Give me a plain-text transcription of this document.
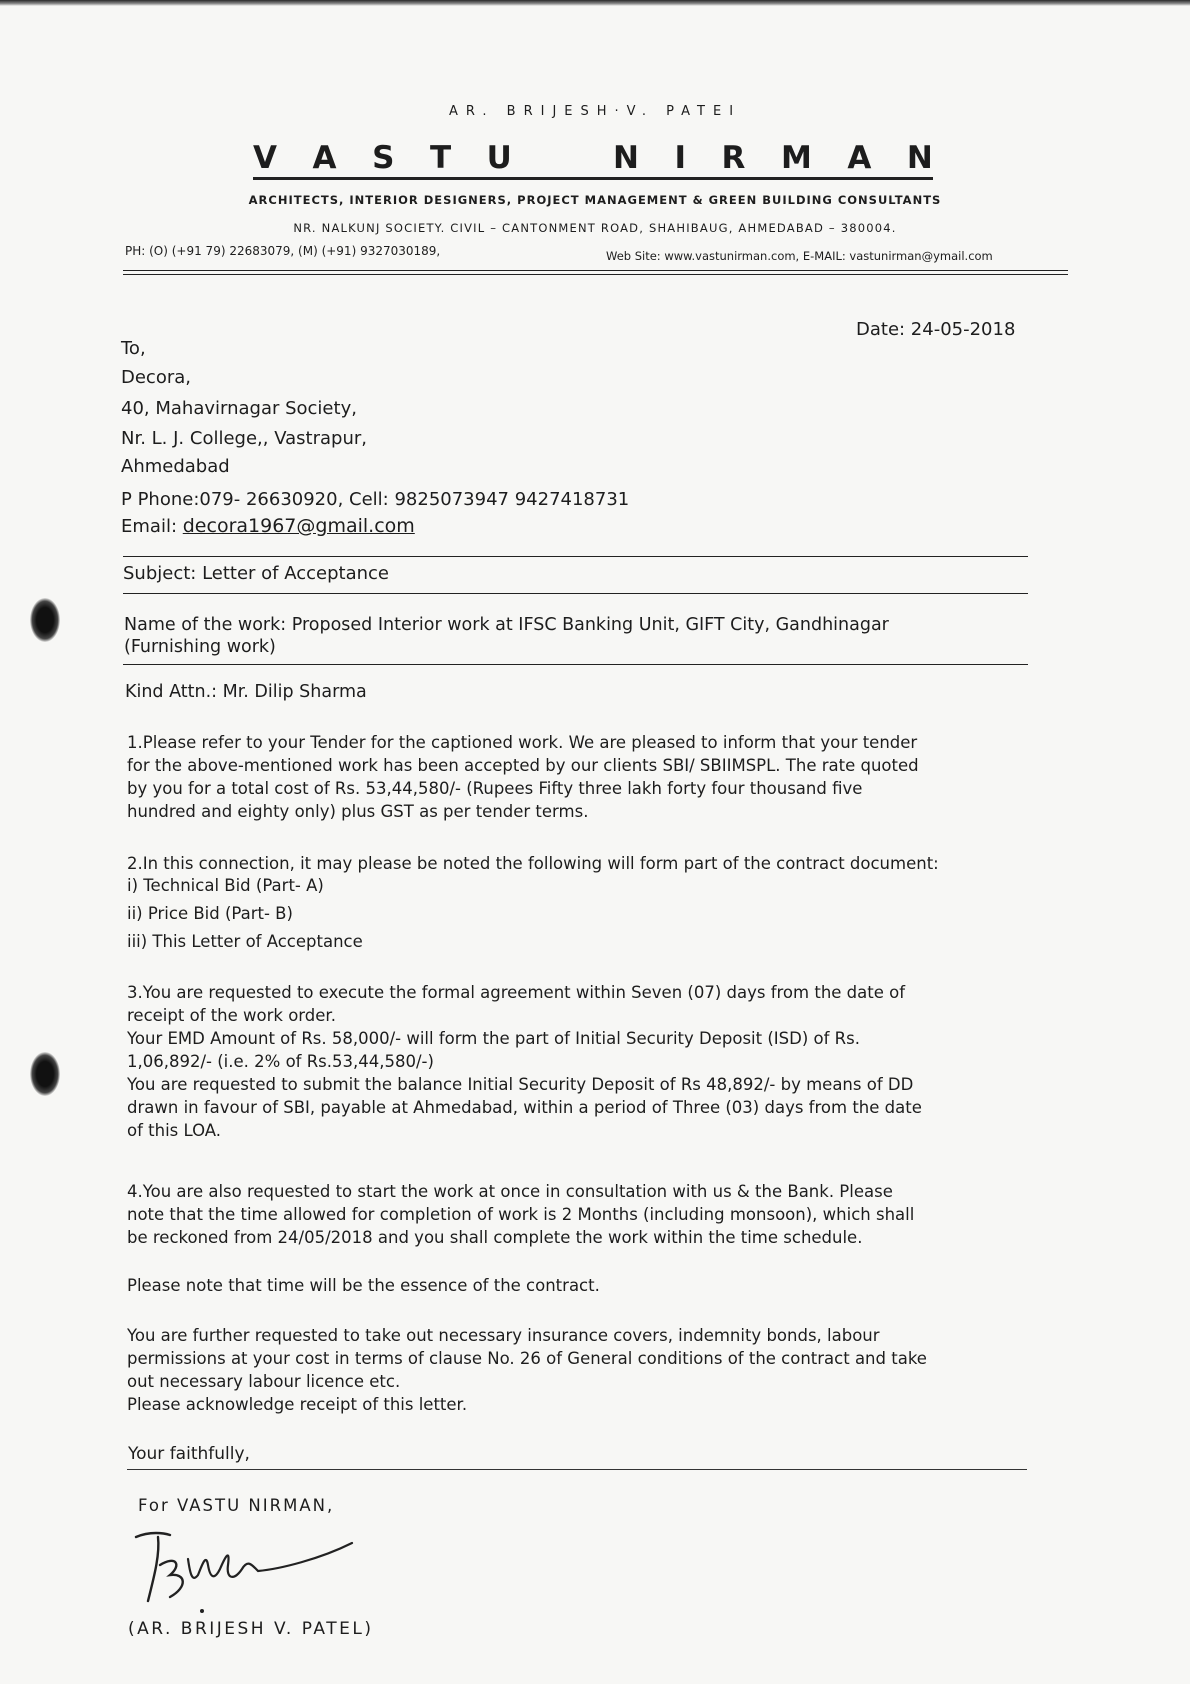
AR. BRIJESH·V. PATEI
V A S T U	N I R M A N
ARCHITECTS, INTERIOR DESIGNERS, PROJECT MANAGEMENT & GREEN BUILDING CONSULTANTS
NR. NALKUNJ SOCIETY. CIVIL – CANTONMENT ROAD, SHAHIBAUG, AHMEDABAD – 380004.
PH: (O) (+91 79) 22683079, (M) (+91) 9327030189,	Web Site: www.vastunirman.com, E-MAIL: vastunirman@ymail.com
Date: 24-05-2018
To,
Decora,
40, Mahavirnagar Society,
Nr. L. J. College,, Vastrapur,
Ahmedabad
P Phone:079- 26630920, Cell: 9825073947 9427418731
Email: decora1967@gmail.com
Subject: Letter of Acceptance
Name of the work: Proposed Interior work at IFSC Banking Unit, GIFT City, Gandhinagar
(Furnishing work)
Kind Attn.: Mr. Dilip Sharma
1.Please refer to your Tender for the captioned work. We are pleased to inform that your tender
for the above-mentioned work has been accepted by our clients SBI/ SBIIMSPL. The rate quoted
by you for a total cost of Rs. 53,44,580/- (Rupees Fifty three lakh forty four thousand five
hundred and eighty only) plus GST as per tender terms.
2.In this connection, it may please be noted the following will form part of the contract document:
i) Technical Bid (Part- A)
ii) Price Bid (Part- B)
iii) This Letter of Acceptance
3.You are requested to execute the formal agreement within Seven (07) days from the date of
receipt of the work order.
Your EMD Amount of Rs. 58,000/- will form the part of Initial Security Deposit (ISD) of Rs.
1,06,892/- (i.e. 2% of Rs.53,44,580/-)
You are requested to submit the balance Initial Security Deposit of Rs 48,892/- by means of DD
drawn in favour of SBI, payable at Ahmedabad, within a period of Three (03) days from the date
of this LOA.
4.You are also requested to start the work at once in consultation with us & the Bank. Please
note that the time allowed for completion of work is 2 Months (including monsoon), which shall
be reckoned from 24/05/2018 and you shall complete the work within the time schedule.
Please note that time will be the essence of the contract.
You are further requested to take out necessary insurance covers, indemnity bonds, labour
permissions at your cost in terms of clause No. 26 of General conditions of the contract and take
out necessary labour licence etc.
Please acknowledge receipt of this letter.
Your faithfully,
For VASTU NIRMAN,
(AR. BRIJESH V. PATEL)
